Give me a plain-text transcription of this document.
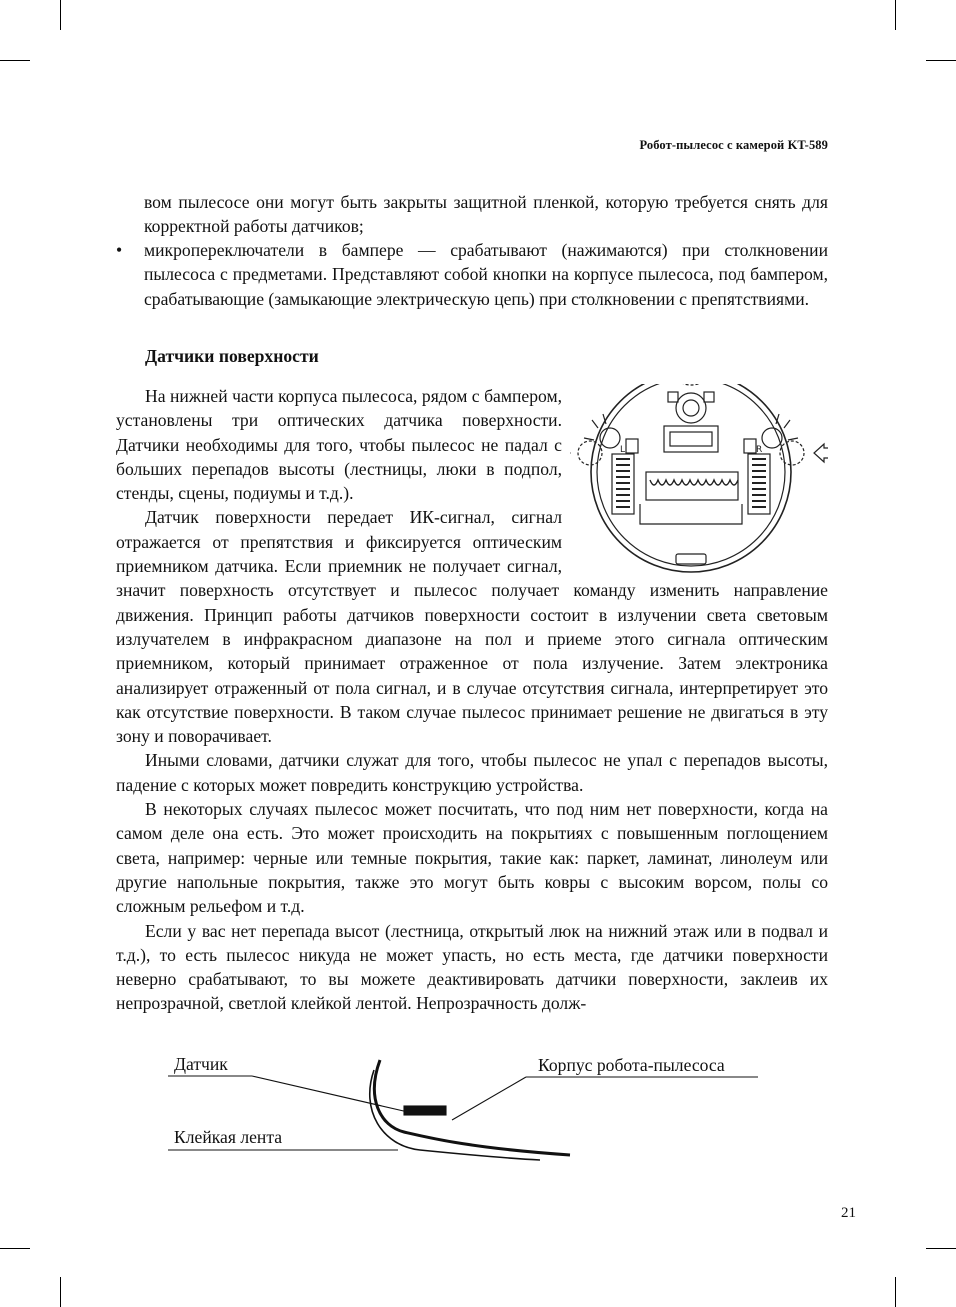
Робот-пылесос с камерой KT-589
вом пылесосе они могут быть закрыты защитной пленкой, которую требуется снять для корректной работы датчиков;
• микропереключатели в бампере — срабатывают (нажимаются) при столкновении пылесоса с предметами. Представляют собой кнопки на корпусе пылесоса, под бампером, срабатывающие (замыкающие электрическую цепь) при столкновении с препятствиями.
Датчики поверхности
L	R
На нижней части корпуса пылесоса, рядом с бампером, установлены три оптических датчика поверхности. Датчики необходимы для того, чтобы пылесос не падал с больших перепадов высоты (лестницы, люки в подпол, стенды, сцены, подиумы и т.д.).
Датчик поверхности передает ИК-сигнал, сигнал отражается от препятствия и фиксируется оптическим приемником датчика. Если приемник не получает сигнал, значит поверхность отсутствует и пылесос получает команду изменить направление движения. Принцип работы датчиков поверхности состоит в излучении света световым излучателем в инфракрасном диапазоне на пол и приеме этого сигнала оптическим приемником, который принимает отраженное от пола излучение. Затем электроника анализирует отраженный от пола сигнал, и в случае отсутствия сигнала, интерпретирует это как отсутствие поверхности. В таком случае пылесос принимает решение не двигаться в эту зону и поворачивает.
Иными словами, датчики служат для того, чтобы пылесос не упал с перепадов высоты, падение с которых может повредить конструкцию устройства.
В некоторых случаях пылесос может посчитать, что под ним нет поверхности, когда на самом деле она есть. Это может происходить на покрытиях с повышенным поглощением света, например: черные или темные покрытия, такие как: паркет, ламинат, линолеум или другие напольные покрытия, также это могут быть ковры с высоким ворсом, полы со сложным рельефом и т.д.
Если у вас нет перепада высот (лестница, открытый люк на нижний этаж или в подвал и т.д.), то есть пылесос никуда не может упасть, но есть места, где датчики поверхности неверно срабатывают, то вы можете деактивировать датчики поверхности, заклеив их непрозрачной, светлой клейкой лентой. Непрозрачность долж-
Датчик
Клейкая лента
Корпус робота-пылесоса
21
